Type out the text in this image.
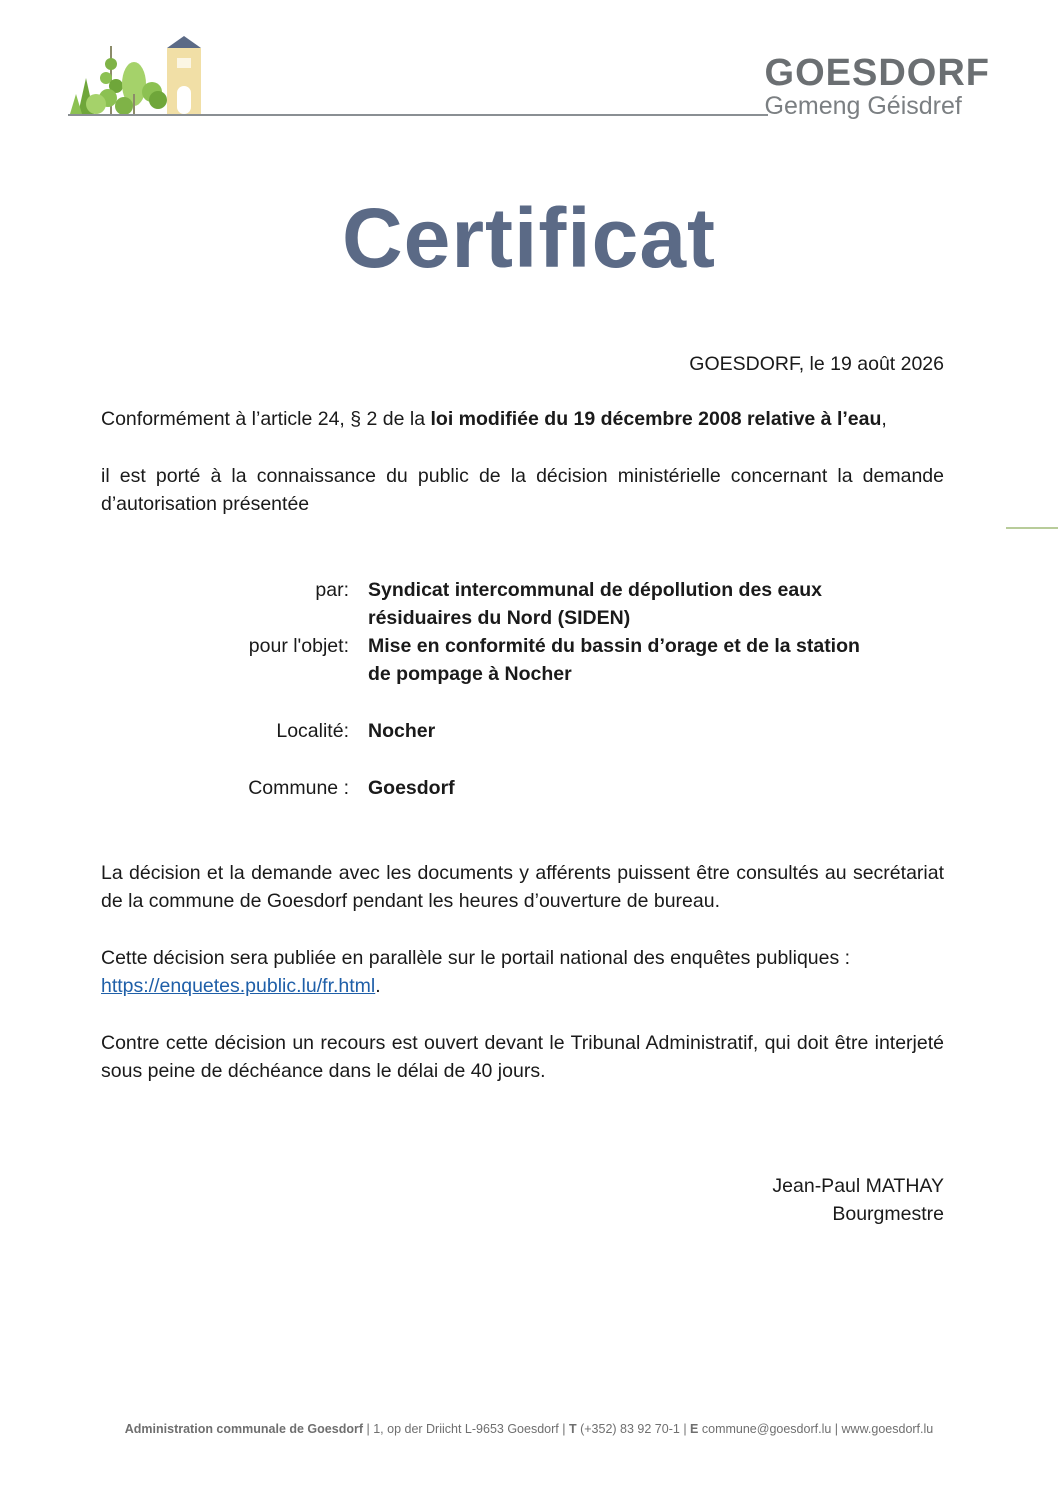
GOESDORF
Gemeng Géisdref
Certificat
GOESDORF, le 19 août 2026
Conformément à l’article 24, § 2 de la loi modifiée du 19 décembre 2008 relative à l’eau,
il est porté à la connaissance du public de la décision ministérielle concernant la demande d’autorisation présentée
par: Syndicat intercommunal de dépollution des eaux résiduaires du Nord (SIDEN)
pour l'objet: Mise en conformité du bassin d’orage et de la station de pompage à Nocher
Localité: Nocher
Commune : Goesdorf
La décision et la demande avec les documents y afférents puissent être consultés au secrétariat de la commune de Goesdorf pendant les heures d’ouverture de bureau.
Cette décision sera publiée en parallèle sur le portail national des enquêtes publiques :
https://enquetes.public.lu/fr.html.
Contre cette décision un recours est ouvert devant le Tribunal Administratif, qui doit être interjeté sous peine de déchéance dans le délai de 40 jours.
Jean-Paul MATHAY
Bourgmestre
Administration communale de Goesdorf | 1, op der Driicht L-9653 Goesdorf | T (+352) 83 92 70-1 | E commune@goesdorf.lu | www.goesdorf.lu
